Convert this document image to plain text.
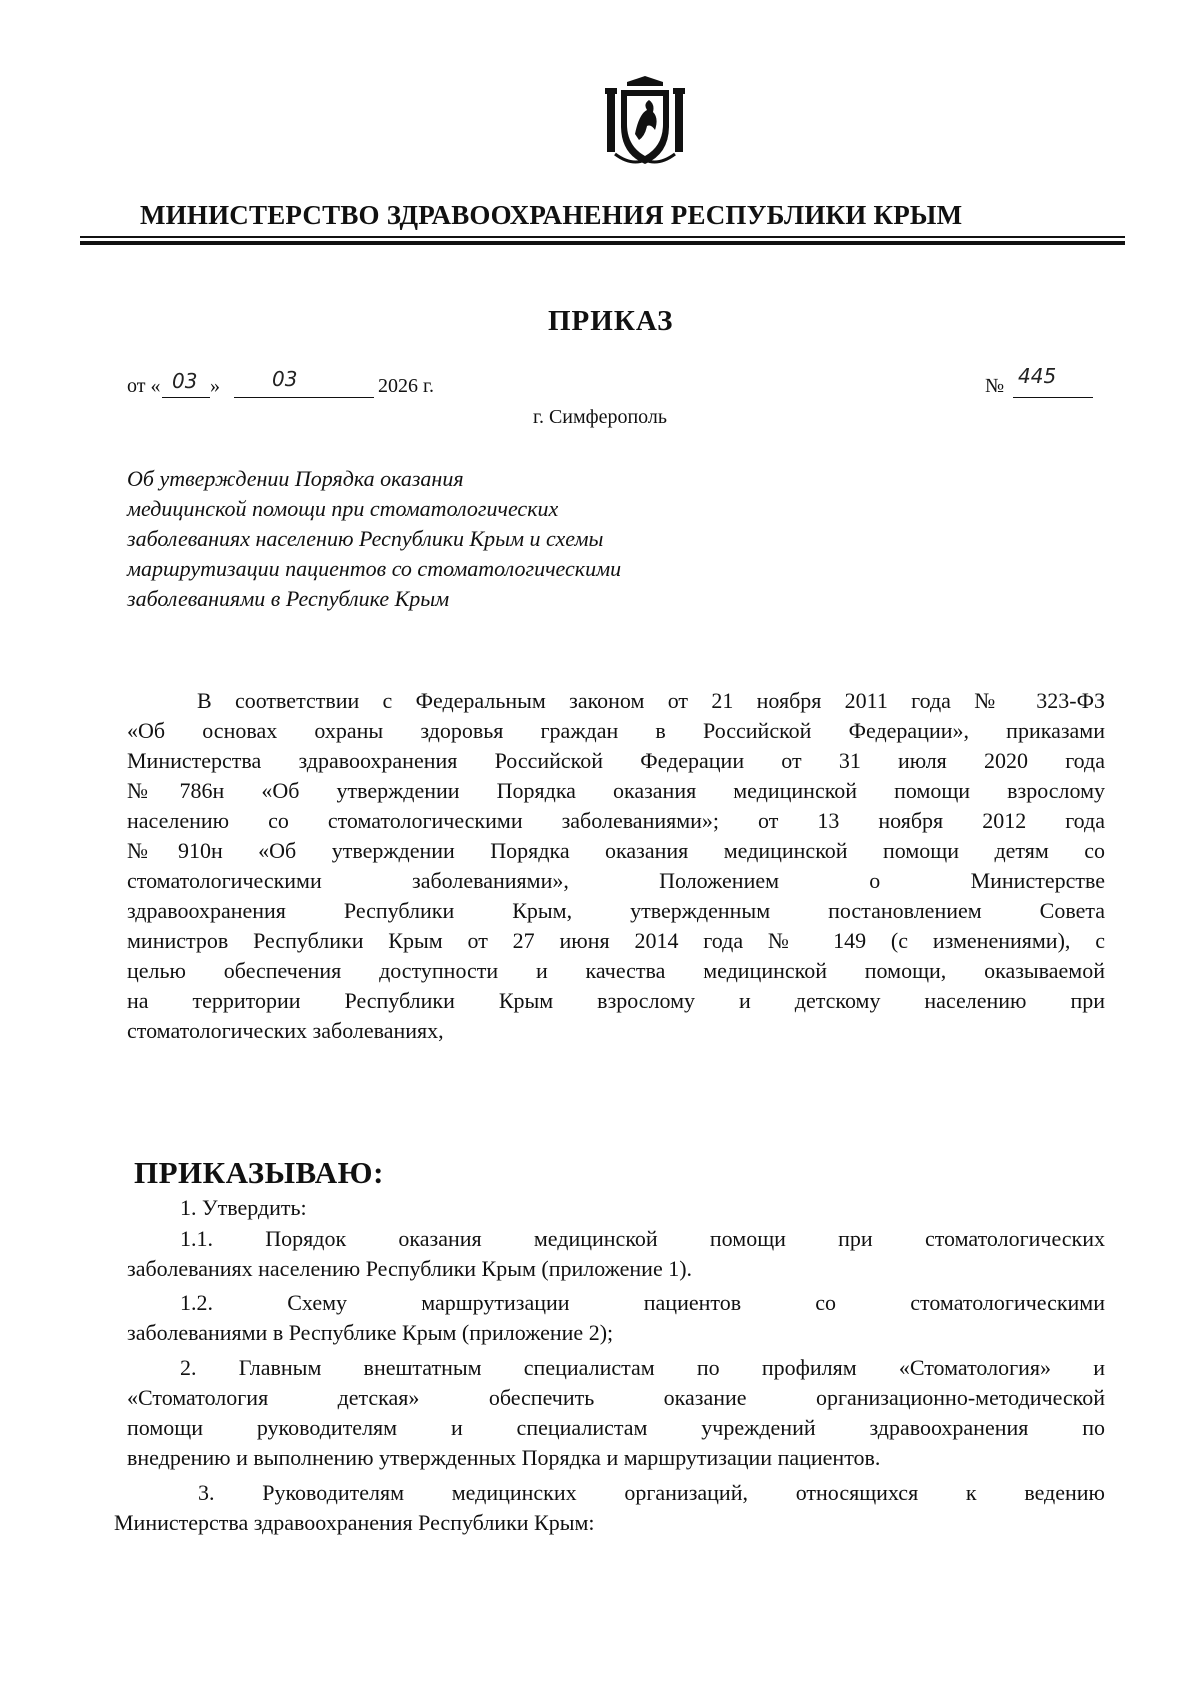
МИНИСТЕРСТВО ЗДРАВООХРАНЕНИЯ РЕСПУБЛИКИ КРЫМ
ПРИКАЗ
от « 03 »	03	2026 г.	№ 445
г. Симферополь
Об утверждении Порядка оказания
медицинской помощи при стоматологических
заболеваниях населению Республики Крым и схемы
маршрутизации пациентов со стоматологическими
заболеваниями в Республике Крым
В соответствии с Федеральным законом от 21 ноября 2011 года № 323-ФЗ
«Об основах охраны здоровья граждан в Российской Федерации», приказами
Министерства здравоохранения Российской Федерации от 31 июля 2020 года
№786н «Об утверждении Порядка оказания медицинской помощи взрослому
населению со стоматологическими заболеваниями»; от 13 ноября 2012 года
№910н «Об утверждении Порядка оказания медицинской помощи детям со
стоматологическими заболеваниями», Положением о Министерстве
здравоохранения Республики Крым, утвержденным постановлением Совета
министров Республики Крым от 27 июня 2014 года № 149 (с изменениями), с
целью обеспечения доступности и качества медицинской помощи, оказываемой
на территории Республики Крым взрослому и детскому населению при
стоматологических заболеваниях,
ПРИКАЗЫВАЮ:
1. Утвердить:
1.1. Порядок оказания медицинской помощи при стоматологических
заболеваниях населению Республики Крым (приложение 1).
1.2. Схему маршрутизации пациентов со стоматологическими
заболеваниями в Республике Крым (приложение 2);
2. Главным внештатным специалистам по профилям «Стоматология» и
«Стоматология детская» обеспечить оказание организационно-методической
помощи руководителям и специалистам учреждений здравоохранения по
внедрению и выполнению утвержденных Порядка и маршрутизации пациентов.
3. Руководителям медицинских организаций, относящихся к ведению
Министерства здравоохранения Республики Крым:
